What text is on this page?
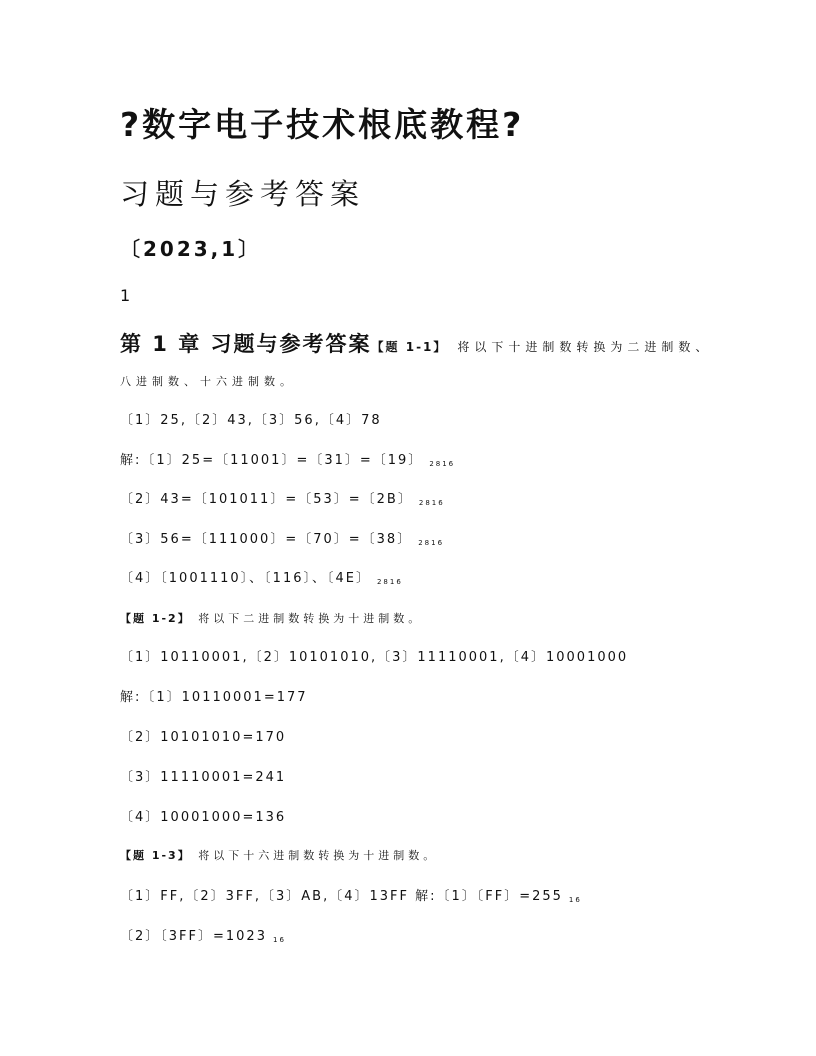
?数字电子技术根底教程?
习题与参考答案
〔2023,1〕
1
第 1 章 习题与参考答案【题 1-1】 将以下十进制数转换为二进制数、
八进制数、十六进制数。
〔1〕25,〔2〕43,〔3〕56,〔4〕78
解:〔1〕25=〔11001〕=〔31〕=〔19〕 $_{2816}$
〔2〕43=〔101011〕=〔53〕=〔2B〕 $_{2816}$
〔3〕56=〔111000〕=〔70〕=〔38〕 $_{2816}$
〔4〕〔1001110〕、〔116〕、〔4E〕 $_{2816}$
【题 1-2】 将以下二进制数转换为十进制数。
〔1〕10110001,〔2〕10101010,〔3〕11110001,〔4〕10001000
解:〔1〕10110001=177
〔2〕10101010=170
〔3〕11110001=241
〔4〕10001000=136
【题 1-3】 将以下十六进制数转换为十进制数。
〔1〕FF,〔2〕3FF,〔3〕AB,〔4〕13FF 解:〔1〕〔FF〕=255 $_{16}$
〔2〕〔3FF〕=1023 $_{16}$
